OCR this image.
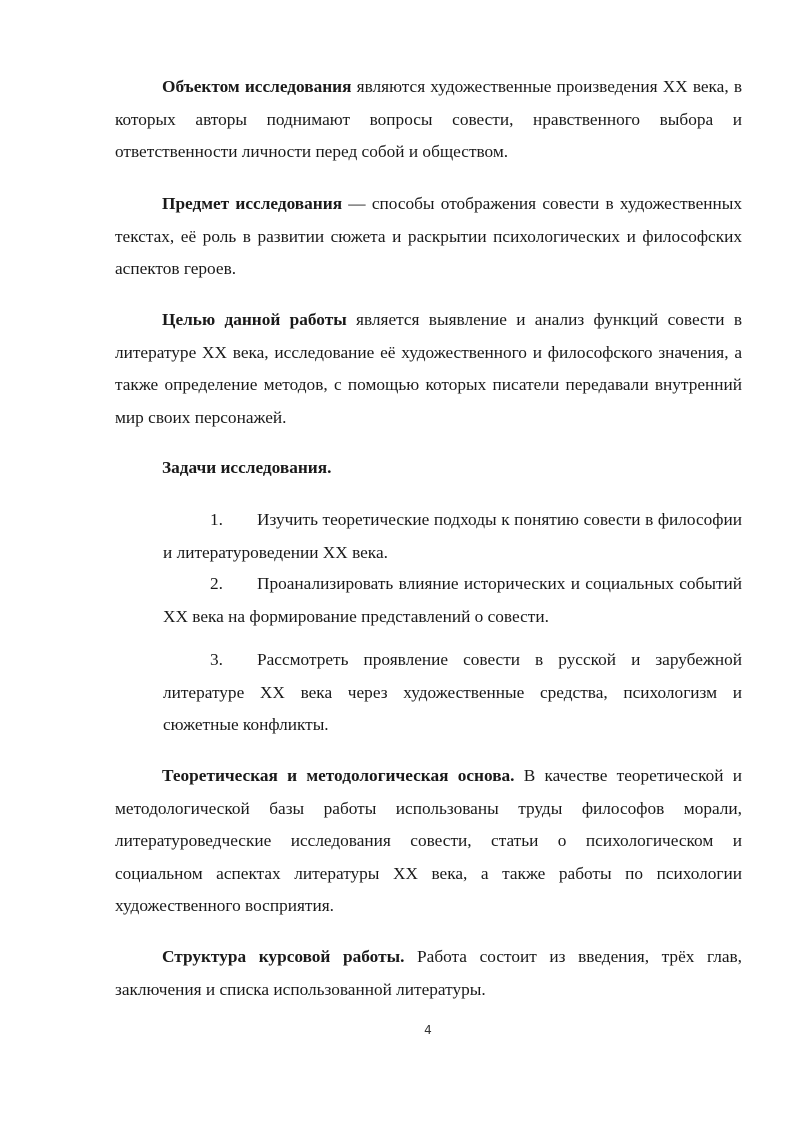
Объектом исследования являются художественные произведения XX века, в которых авторы поднимают вопросы совести, нравственного выбора и ответственности личности перед собой и обществом.

Предмет исследования — способы отображения совести в художественных текстах, её роль в развитии сюжета и раскрытии психологических и философских аспектов героев.

Целью данной работы является выявление и анализ функций совести в литературе XX века, исследование её художественного и философского значения, а также определение методов, с помощью которых писатели передавали внутренний мир своих персонажей.

Задачи исследования.

1. Изучить теоретические подходы к понятию совести в философии и литературоведении XX века.

2. Проанализировать влияние исторических и социальных событий XX века на формирование представлений о совести.

3. Рассмотреть проявление совести в русской и зарубежной литературе XX века через художественные средства, психологизм и сюжетные конфликты.

Теоретическая и методологическая основа. В качестве теоретической и методологической базы работы использованы труды философов морали, литературоведческие исследования совести, статьи о психологическом и социальном аспектах литературы XX века, а также работы по психологии художественного восприятия.

Структура курсовой работы. Работа состоит из введения, трёх глав, заключения и списка использованной литературы.

4
